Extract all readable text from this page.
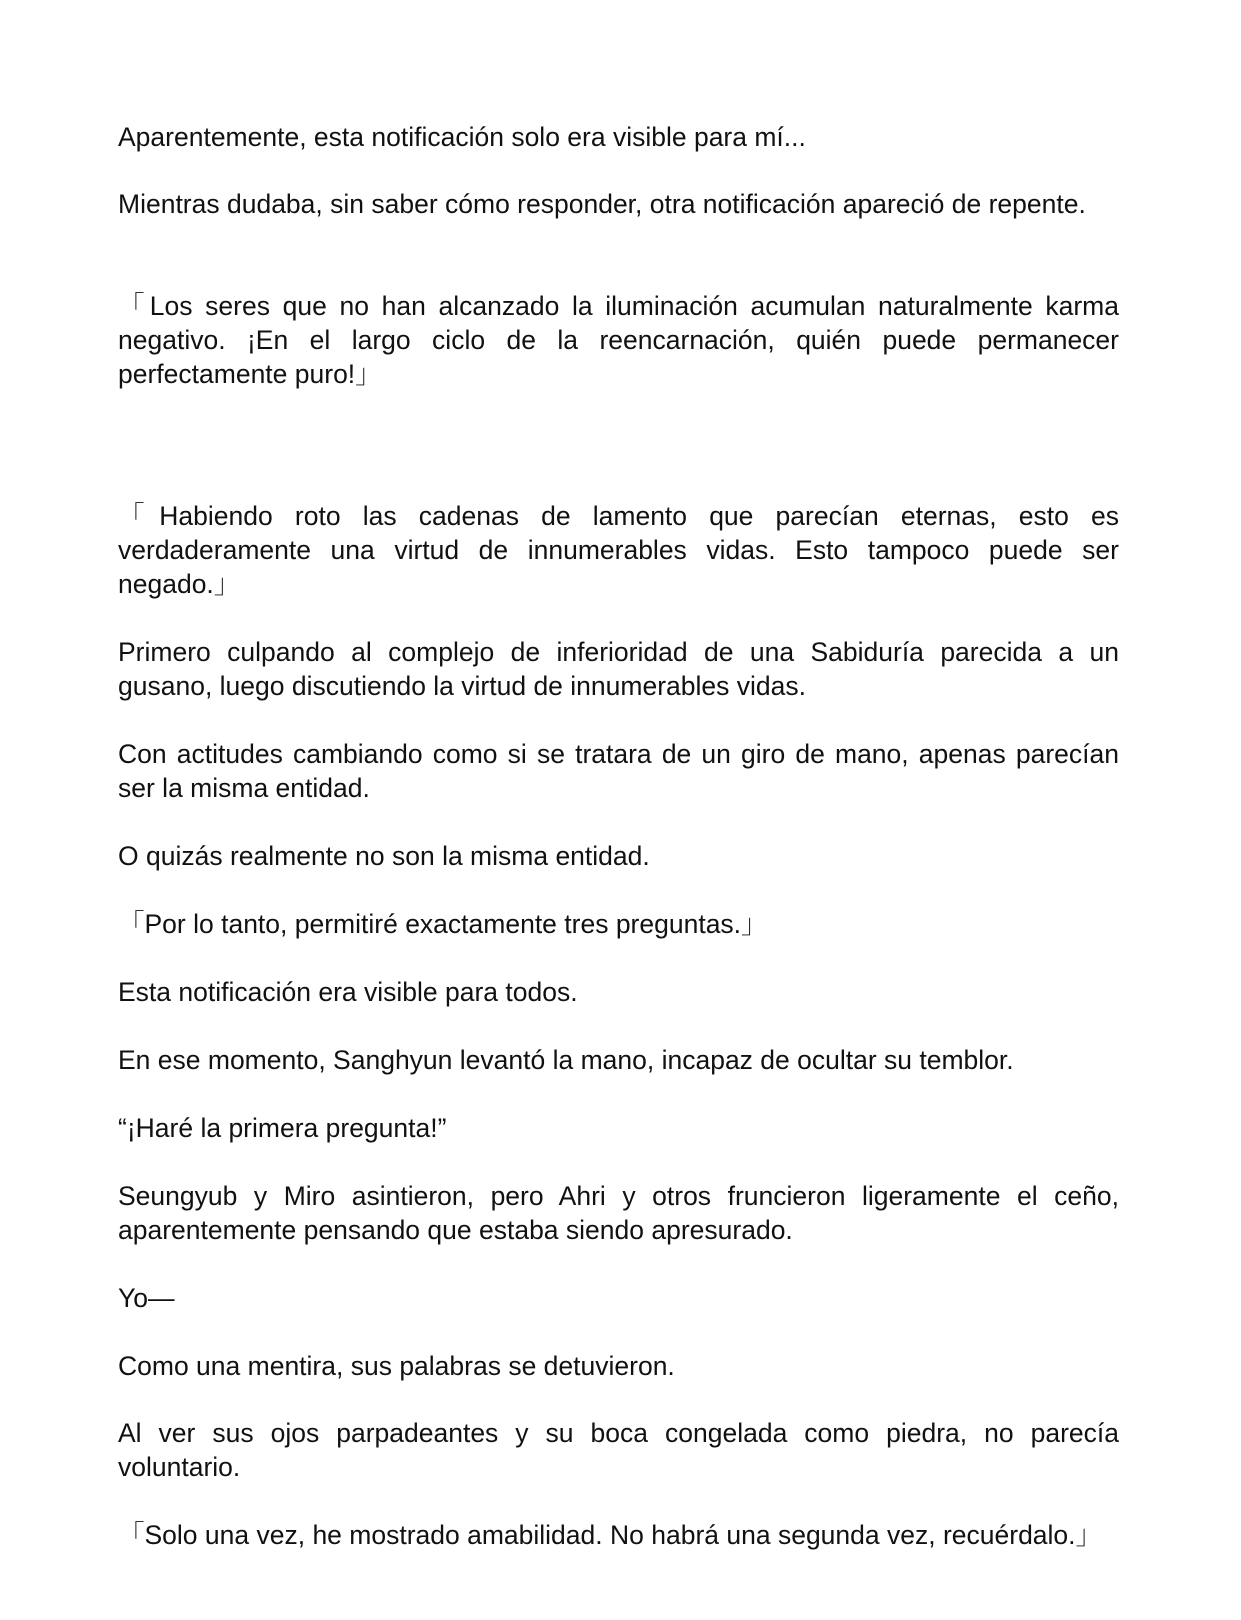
Aparentemente, esta notificación solo era visible para mí...

Mientras dudaba, sin saber cómo responder, otra notificación apareció de repente.

「Los seres que no han alcanzado la iluminación acumulan naturalmente karma negativo. ¡En el largo ciclo de la reencarnación, quién puede permanecer perfectamente puro!」

「Habiendo roto las cadenas de lamento que parecían eternas, esto es verdaderamente una virtud de innumerables vidas. Esto tampoco puede ser negado.」

Primero culpando al complejo de inferioridad de una Sabiduría parecida a un gusano, luego discutiendo la virtud de innumerables vidas.

Con actitudes cambiando como si se tratara de un giro de mano, apenas parecían ser la misma entidad.

O quizás realmente no son la misma entidad.

「Por lo tanto, permitiré exactamente tres preguntas.」

Esta notificación era visible para todos.

En ese momento, Sanghyun levantó la mano, incapaz de ocultar su temblor.

“¡Haré la primera pregunta!”

Seungyub y Miro asintieron, pero Ahri y otros fruncieron ligeramente el ceño, aparentemente pensando que estaba siendo apresurado.

Yo—

Como una mentira, sus palabras se detuvieron.

Al ver sus ojos parpadeantes y su boca congelada como piedra, no parecía voluntario.

「Solo una vez, he mostrado amabilidad. No habrá una segunda vez, recuérdalo.」
